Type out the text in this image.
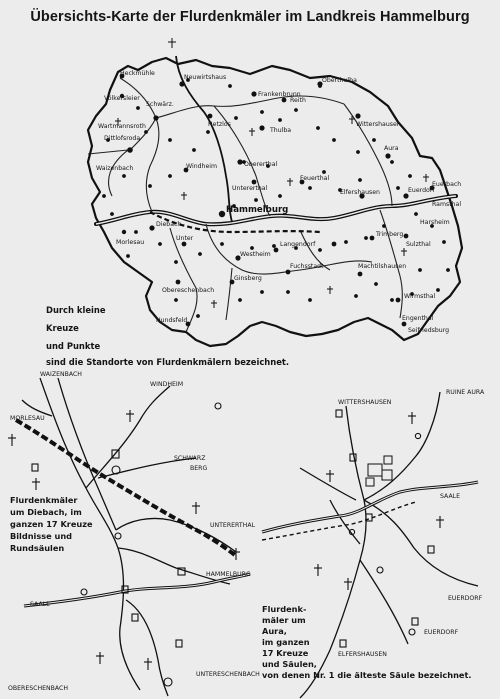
Übersichts-Karte der Flurdenkmäler im Landkreis Hammelburg
Heckmühle
Neuwirtshaus
Frankenbrunn
Oberthulba
Völkersleier
Schwärz.
Dittlofsroda
Wartmannsroth
Waizenbach
Reith
Thulba
Hetzlos
Obererthal
Wittershausen
Aura
Windheim
Untererthal
Feuerthal
Elfershausen	Euerdorf
Hammelburg
Diebach
Morlesau
Unter
Westheim
Langendorf
Trimberg
Sulzthal
Ramsthal
Obereschenbach
Fuchsstadt	Machtilshausen
Wirmsthal
Hundsfeld
Ginsberg
Euerbach
Harsheim
Engenthal
Seifriedsburg
Durch kleine
Kreuze
und Punkte
sind die Standorte von Flurdenkmälern bezeichnet.
WAIZENBACH
WINDHEIM
MORLESAU
SCHWARZ
BERG
UNTERERTHAL
HAMMELBURG
SAALE
OBERESCHENBACH
UNTERESCHENBACH
Flurdenkmäler
um Diebach, im
ganzen 17 Kreuze
Bildnisse und
Rundsäulen
WITTERSHAUSEN
RUINE AURA
SAALE
EUERDORF
ELFERSHAUSEN
EUERDORF
Flurdenk-
mäler um
Aura,
im ganzen
17 Kreuze
und Säulen,
von denen Nr. 1 die älteste Säule bezeichnet.
